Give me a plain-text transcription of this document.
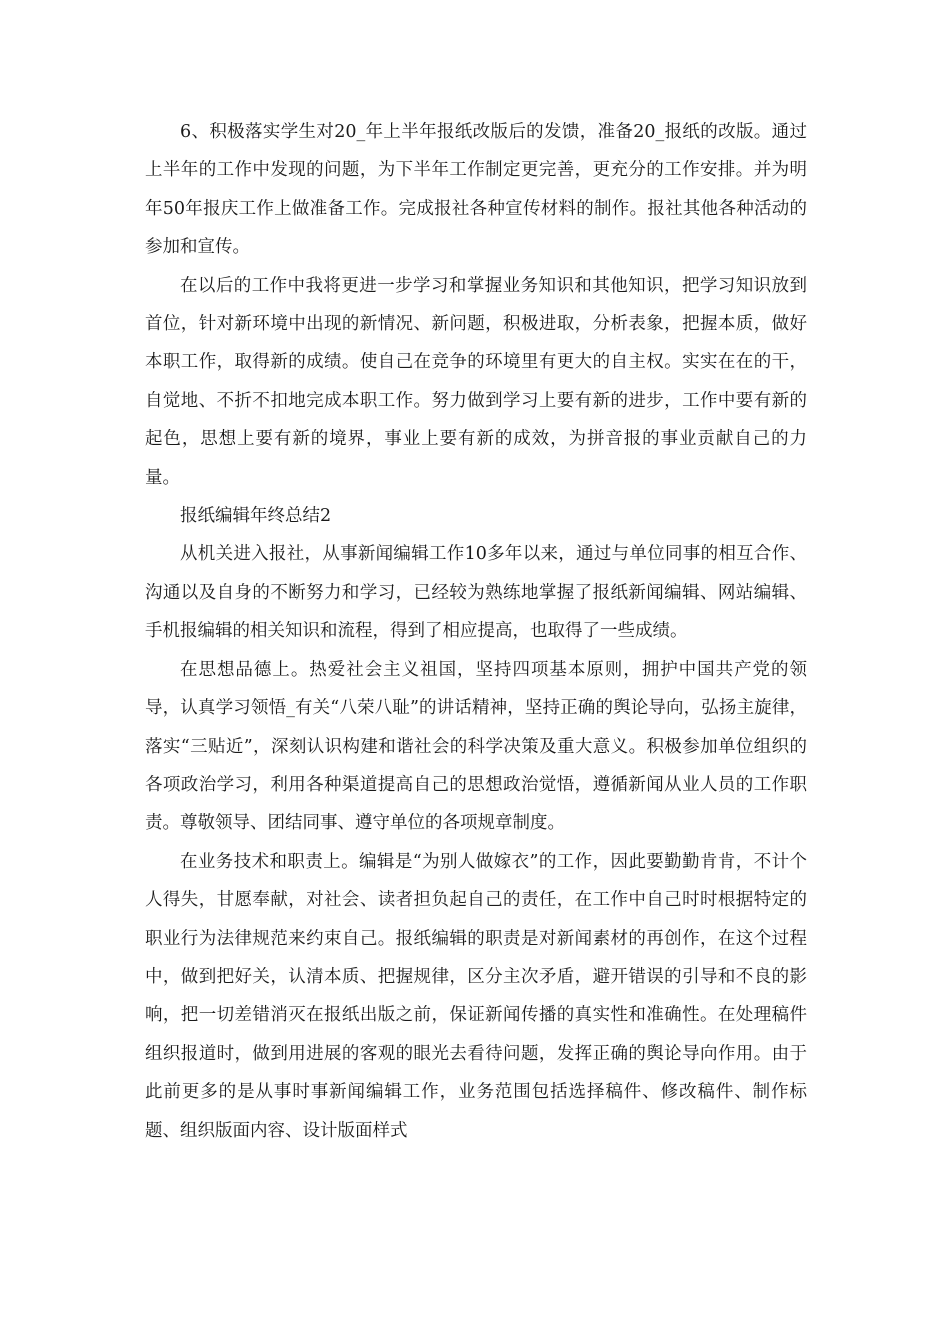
6、积极落实学生对20_年上半年报纸改版后的发馈，准备20_报纸的改版。通过上半年的工作中发现的问题，为下半年工作制定更完善，更充分的工作安排。并为明年50年报庆工作上做准备工作。完成报社各种宣传材料的制作。报社其他各种活动的参加和宣传。

在以后的工作中我将更进一步学习和掌握业务知识和其他知识，把学习知识放到首位，针对新环境中出现的新情况、新问题，积极进取，分析表象，把握本质，做好本职工作，取得新的成绩。使自己在竞争的环境里有更大的自主权。实实在在的干，自觉地、不折不扣地完成本职工作。努力做到学习上要有新的进步，工作中要有新的起色，思想上要有新的境界，事业上要有新的成效，为拼音报的事业贡献自己的力量。

报纸编辑年终总结2

从机关进入报社，从事新闻编辑工作10多年以来，通过与单位同事的相互合作、沟通以及自身的不断努力和学习，已经较为熟练地掌握了报纸新闻编辑、网站编辑、手机报编辑的相关知识和流程，得到了相应提高，也取得了一些成绩。

在思想品德上。热爱社会主义祖国，坚持四项基本原则，拥护中国共产党的领导，认真学习领悟_有关“八荣八耻”的讲话精神，坚持正确的舆论导向，弘扬主旋律，落实“三贴近”，深刻认识构建和谐社会的科学决策及重大意义。积极参加单位组织的各项政治学习，利用各种渠道提高自己的思想政治觉悟，遵循新闻从业人员的工作职责。尊敬领导、团结同事、遵守单位的各项规章制度。

在业务技术和职责上。编辑是“为别人做嫁衣”的工作，因此要勤勤肯肯，不计个人得失，甘愿奉献，对社会、读者担负起自己的责任，在工作中自己时时根据特定的职业行为法律规范来约束自己。报纸编辑的职责是对新闻素材的再创作，在这个过程中，做到把好关，认清本质、把握规律，区分主次矛盾，避开错误的引导和不良的影响，把一切差错消灭在报纸出版之前，保证新闻传播的真实性和准确性。在处理稿件组织报道时，做到用进展的客观的眼光去看待问题，发挥正确的舆论导向作用。由于此前更多的是从事时事新闻编辑工作，业务范围包括选择稿件、修改稿件、制作标题、组织版面内容、设计版面样式
